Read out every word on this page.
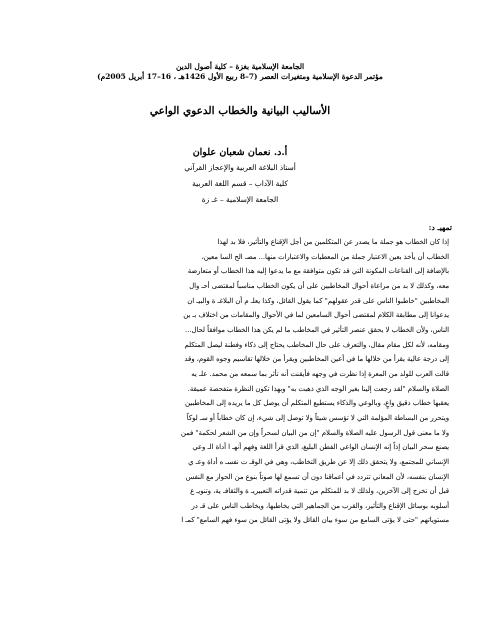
الجامعة الإسلامية بغزة – كلية أصول الدين
مؤتمر الدعوة الإسلامية ومتغيرات العصر (7–8 ربيع الأول 1426هـ ، 16–17 أبريل 2005م)
الأساليب البيانية والخطاب الدعوي الواعي
أ.د. نعمان شعبان علوان
أستاذ البلاغة العربية والإعجاز القرآني
كلية الآداب – قسم اللغة العربية
الجامعة الإسلامية – غـ زة
تمهيـ د:

إذا كان الخطاب هو جملة ما يصدر عن المتكلمين من أجل الإقناع والتأثير، فلا بد لهذا

الخطاب أن يأخذ بعين الاعتبار جملة من المعطيات والاعتبارات منها... مصـ الح السا معين،

بالإضافة إلى القناعات المكونة التي قد تكون متوافقة مع ما يدعوا إليه هذا الخطاب أو متعارضة

معه، وكذلك لا بد من مراعاة أحوال المخاطبين على أن يكون الخطاب مناسباً لمقتضى أحـ وال

المخاطبين "خاطبوا الناس على قدر عقولهم" كما يقول القائل، وكذا يعلـ م أن البلاغـ ة والبيـ ان

يدعوانا إلى مطابقة الكلام لمقتضى أحوال السامعين لما في الأحوال والمقامات من اختلاف بـ ين

الناس، ولأن الخطاب لا يحقق عنصر التأثير في المخاطب ما لم يكن هذا الخطاب موافقاً لحال...

ومقامه، لأنه لكل مقام مقال، والتعرف على حال المخاطب يحتاج إلى ذكاء وفطنة ليصل المتكلم

إلى درجة عالية يقرأ من خلالها ما في أعين المخاطبين ويقرأ من خلالها تقاسيم وجوه القوم، وقد

قالت العرب للولد من المعرة إذا نظرت في وجهه فأيقنت أنه تأثر بما سمعه من محمد. علـ يه

الصلاة والسلام "لقد رجعت إلينا بغير الوجه الذي ذهبت به" وبهذا تكون النظرة متفحصة عميقة.

يعقبها خطاب دقيق واعٍ، وبالوعي والذكاء يستطيع المتكلم أن يوصل كل ما يريده إلى المخاطبين

ويتحرر من البساطة المؤلمة التي لا تؤسس شيئاً ولا توصل إلى شيء، إن كان خطاباً أو سـ لوكاً

ولا ما معنى قول الرسول عليه الصلاة والسلام "إن من البيان لسحراً وإن من الشعر لحكمة" فمن

يصنع سحر البيان إذاً إنه الإنسان الواعي الفطن البليغ، الذي قرأ اللغة وفهم أنهـ ا أداة الـ وعي

الإنساني للمجتمع، ولا يتحقق ذلك إلا عن طريق التخاطب، وهي في الوقـ ت نفسـ ه أداة وعـ ي

الإنسان بنفسه، لأن المعاني تتردد في أعماقنا دون أن تسمع لها صوتاً بنوع من الحوار مع النفس

قبل أن تخرج إلى الآخرين، ولذلك لا بد للمتكلم من تنمية قدراته التعبيريـ ة والثقافـ ية، وتنويـ ع

أسلوبه بوسائل الإقناع والتأثير، والقرب من الجماهير التي يخاطبها، ويخاطب الناس على قـ در

مستوياتهم "حتى لا يؤتى السامع من سوء بيان القائل ولا يؤتى القائل من سوء فهم السامع" كمـ ا
